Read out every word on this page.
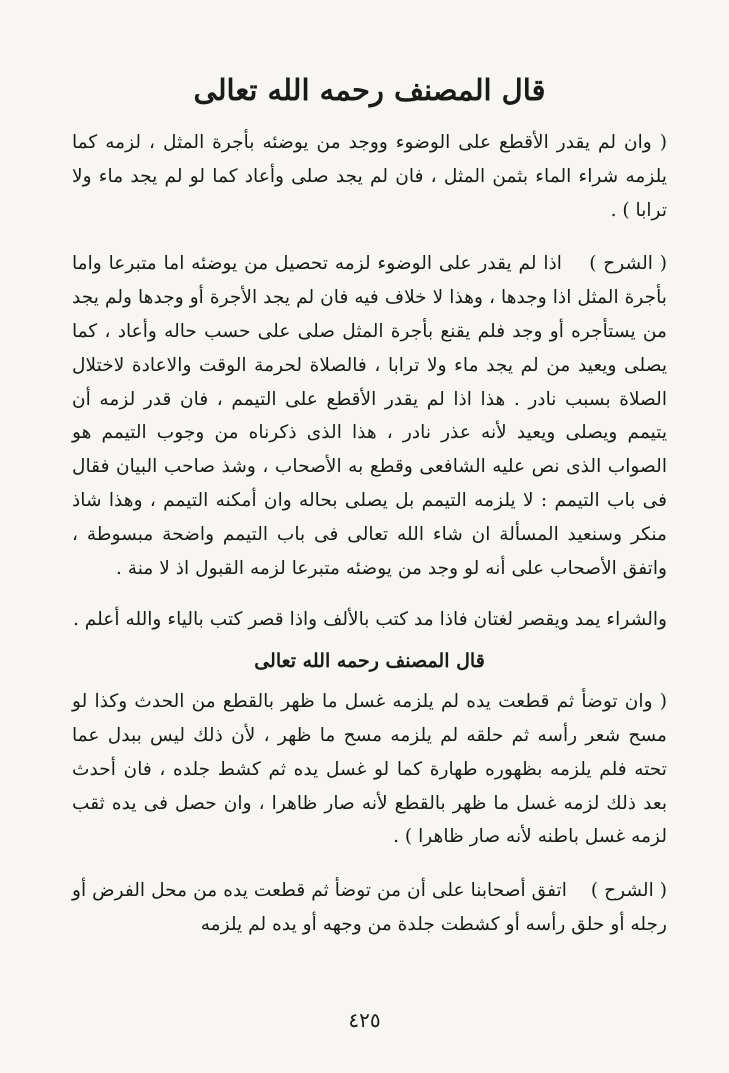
قال المصنف رحمه الله تعالى

( وان لم يقدر الأقطع على الوضوء ووجد من يوضئه بأجرة المثل ، لزمه كما يلزمه شراء الماء بثمن المثل ، فان لم يجد صلى وأعاد كما لو لم يجد ماء ولا ترابا ) .

( الشرح )    اذا لم يقدر على الوضوء لزمه تحصيل من يوضئه اما متبرعا واما بأجرة المثل اذا وجدها ، وهذا لا خلاف فيه فان لم يجد الأجرة أو وجدها ولم يجد من يستأجره أو وجد فلم يقنع بأجرة المثل صلى على حسب حاله وأعاد ، كما يصلى ويعيد من لم يجد ماء ولا ترابا ، فالصلاة لحرمة الوقت والاعادة لاختلال الصلاة بسبب نادر . هذا اذا لم يقدر الأقطع على التيمم ، فان قدر لزمه أن يتيمم ويصلى ويعيد لأنه عذر نادر ، هذا الذى ذكرناه من وجوب التيمم هو الصواب الذى نص عليه الشافعى وقطع به الأصحاب ، وشذ صاحب البيان فقال فى باب التيمم : لا يلزمه التيمم بل يصلى بحاله وان أمكنه التيمم ، وهذا شاذ منكر وسنعيد المسألة ان شاء الله تعالى فى باب التيمم واضحة مبسوطة ، واتفق الأصحاب على أنه لو وجد من يوضئه متبرعا لزمه القبول اذ لا منة .

والشراء يمد ويقصر لغتان فاذا مد كتب بالألف واذا قصر كتب بالياء والله أعلم .

قال المصنف رحمه الله تعالى

( وان توضأ ثم قطعت يده لم يلزمه غسل ما ظهر بالقطع من الحدث وكذا لو مسح شعر رأسه ثم حلقه لم يلزمه مسح ما ظهر ، لأن ذلك ليس ببدل عما تحته فلم يلزمه بظهوره طهارة كما لو غسل يده ثم كشط جلده ، فان أحدث بعد ذلك لزمه غسل ما ظهر بالقطع لأنه صار ظاهرا ، وان حصل فى يده ثقب لزمه غسل باطنه لأنه صار ظاهرا ) .

( الشرح )    اتفق أصحابنا على أن من توضأ ثم قطعت يده من محل الفرض أو رجله أو حلق رأسه أو كشطت جلدة من وجهه أو يده لم يلزمه

٤٢٥
